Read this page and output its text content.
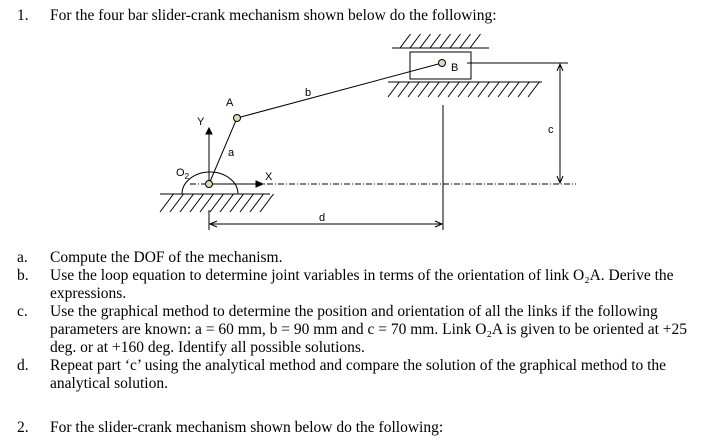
1. For the four bar slider-crank mechanism shown below do the following:
A
B
a
b
c
d
X
Y
$O_2$
a. Compute the DOF of the mechanism.
b. Use the loop equation to determine joint variables in terms of the orientation of link O₂A. Derive the expressions.
c. Use the graphical method to determine the position and orientation of all the links if the following parameters are known: a = 60 mm, b = 90 mm and c = 70 mm. Link O₂A is given to be oriented at +25 deg. or at +160 deg. Identify all possible solutions.
d. Repeat part ‘c’ using the analytical method and compare the solution of the graphical method to the analytical solution.
2. For the slider-crank mechanism shown below do the following:
